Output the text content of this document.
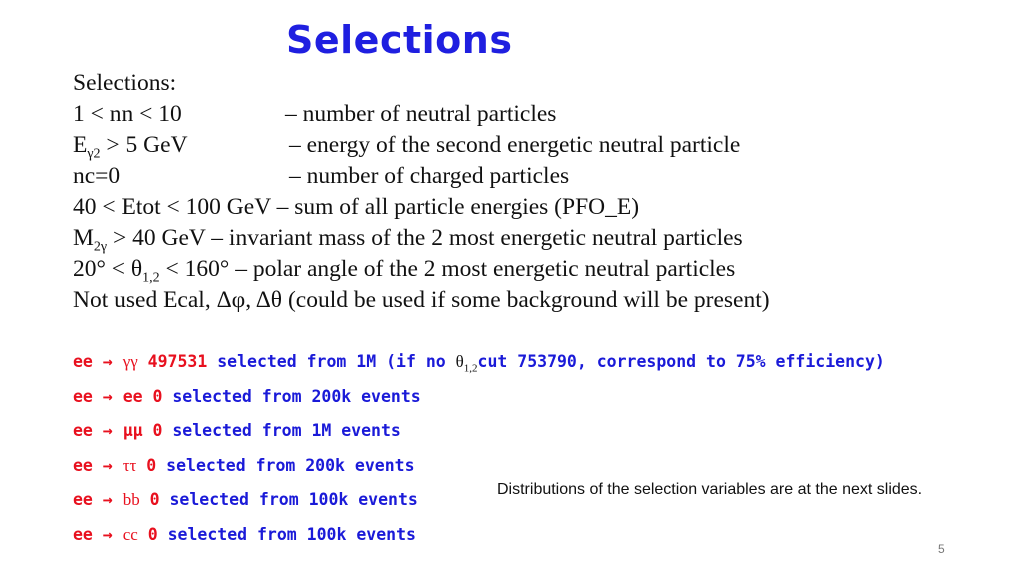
Selections
Selections:
1 < nn < 10	– number of neutral particles
$E_{\gamma 2} > 5$ GeV	– energy of the second energetic neutral particle
nc=0	– number of charged particles
40 < Etot < 100 GeV – sum of all particle energies (PFO_E)
$M_{2\gamma} > 40$ GeV – invariant mass of the 2 most energetic neutral particles
$20^\circ < \theta_{1,2} < 160^\circ$ – polar angle of the 2 most energetic neutral particles
Not used Ecal, Δφ, Δθ (could be used if some background will be present)
ee → γγ 497531 selected from 1M (if no $\theta_{1,2}cut$ 753790, correspond to 75% efficiency)
ee → ee 0 selected from 200k events
ee → μμ 0 selected from 1M events
ee → ττ 0 selected from 200k events
ee → bb 0 selected from 100k events
ee → cc 0 selected from 100k events
Distributions of the selection variables are at the next slides.
5
